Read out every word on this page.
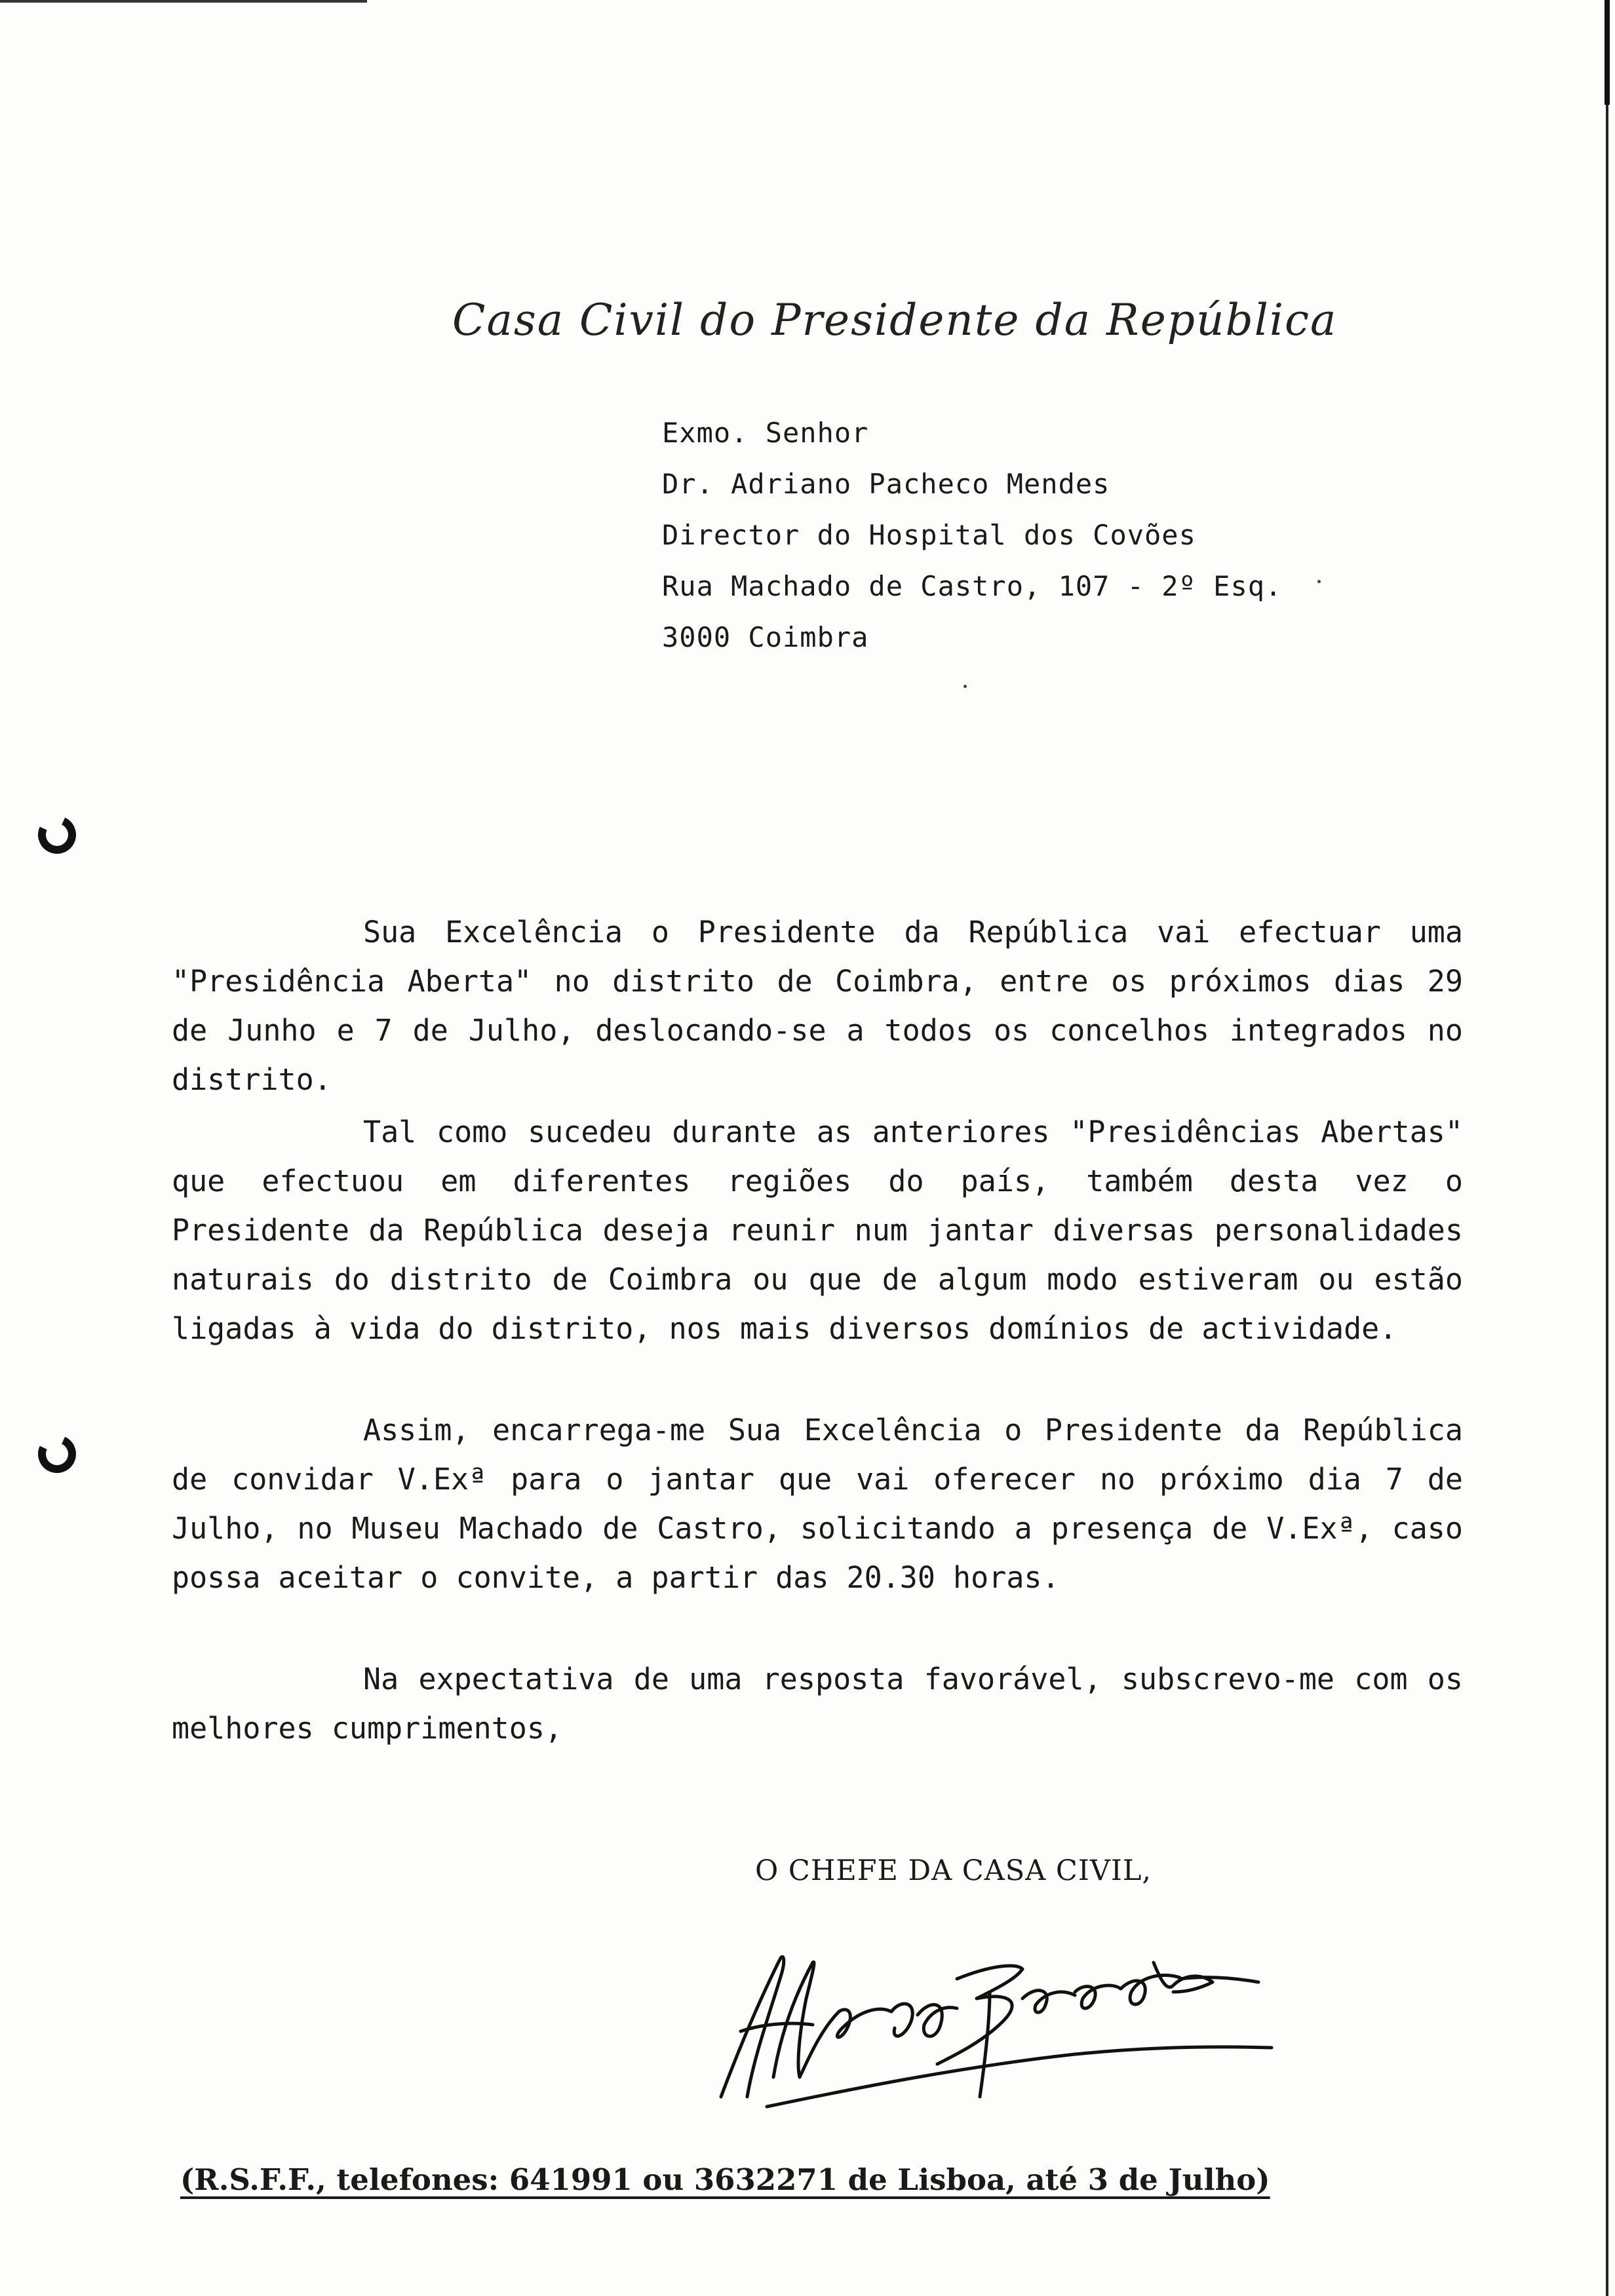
Casa Civil do Presidente da República
Exmo. Senhor
Dr. Adriano Pacheco Mendes
Director do Hospital dos Covões
Rua Machado de Castro, 107 - 2º Esq.
3000 Coimbra

Sua Excelência o Presidente da República vai efectuar uma "Presidência Aberta" no distrito de Coimbra, entre os próximos dias 29 de Junho e 7 de Julho, deslocando-se a todos os concelhos integrados no distrito.

Tal como sucedeu durante as anteriores "Presidências Abertas" que efectuou em diferentes regiões do país, também desta vez o Presidente da República deseja reunir num jantar diversas personalidades naturais do distrito de Coimbra ou que de algum modo estiveram ou estão ligadas à vida do distrito, nos mais diversos domínios de actividade.

Assim, encarrega-me Sua Excelência o Presidente da República de convidar V.Exª para o jantar que vai oferecer no próximo dia 7 de Julho, no Museu Machado de Castro, solicitando a presença de V.Exª, caso possa aceitar o convite, a partir das 20.30 horas.

Na expectativa de uma resposta favorável, subscrevo-me com os melhores cumprimentos,

O CHEFE DA CASA CIVIL,
(R.S.F.F., telefones: 641991 ou 3632271 de Lisboa, até 3 de Julho)
